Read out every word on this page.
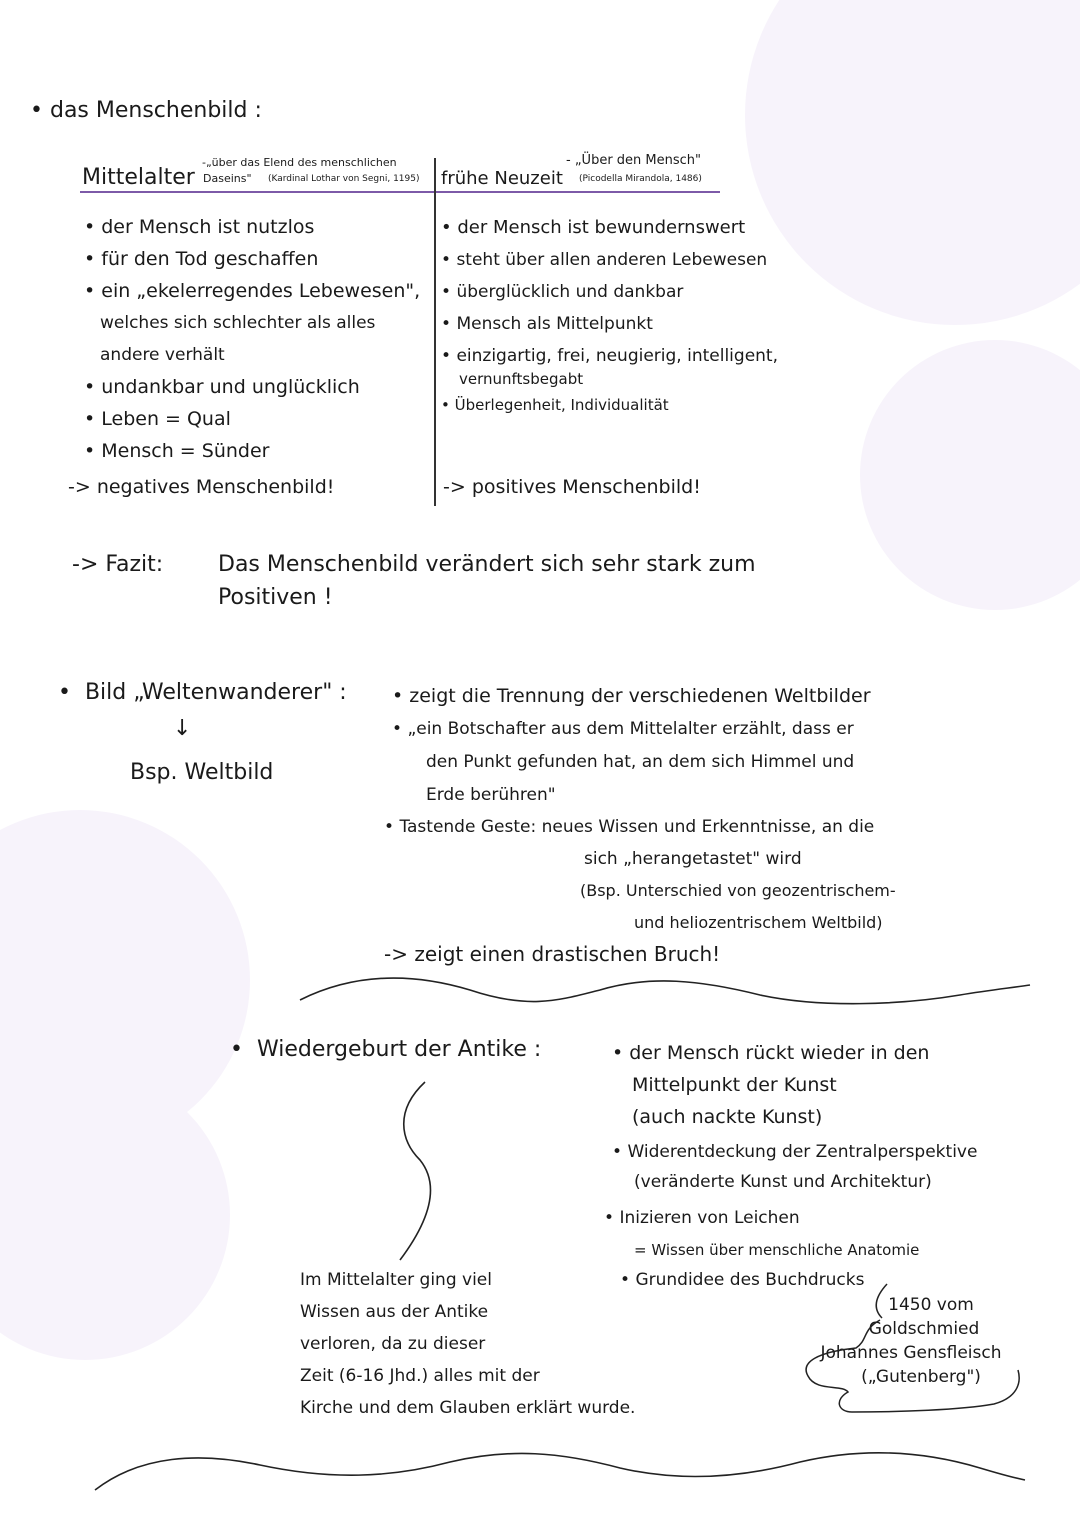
• das Menschenbild :
Mittelalter
-„über das Elend des menschlichen
Daseins" (Kardinal Lothar von Segni, 1195) frühe Neuzeit
- „Über den Mensch"
(Picodella Mirandola, 1486)
• der Mensch ist nutzlos
• für den Tod geschaffen
• ein „ekelerregendes Lebewesen",
welches sich schlechter als alles
andere verhält
• undankbar und unglücklich
• Leben = Qual
• Mensch = Sünder
-> negatives Menschenbild!
• der Mensch ist bewundernswert
• steht über allen anderen Lebewesen
• überglücklich und dankbar
• Mensch als Mittelpunkt
• einzigartig, frei, neugierig, intelligent,
vernunftsbegabt
• Überlegenheit, Individualität
-> positives Menschenbild!
-> Fazit: Das Menschenbild verändert sich sehr stark zum
Positiven !
•  Bild „Weltenwanderer" :
↓
Bsp. Weltbild
• zeigt die Trennung der verschiedenen Weltbilder
• „ein Botschafter aus dem Mittelalter erzählt, dass er
den Punkt gefunden hat, an dem sich Himmel und
Erde berühren"
• Tastende Geste: neues Wissen und Erkenntnisse, an die
sich „herangetastet" wird
(Bsp. Unterschied von geozentrischem-
und heliozentrischem Weltbild)
-> zeigt einen drastischen Bruch!
•  Wiedergeburt der Antike :	• der Mensch rückt wieder in den
Mittelpunkt der Kunst
(auch nackte Kunst)
• Widerentdeckung der Zentralperspektive
(veränderte Kunst und Architektur)
• Inizieren von Leichen
= Wissen über menschliche Anatomie
• Grundidee des Buchdrucks
1450 vom
Goldschmied
Johannes Gensfleisch
(„Gutenberg")
Im Mittelalter ging viel
Wissen aus der Antike
verloren, da zu dieser
Zeit (6-16 Jhd.) alles mit der
Kirche und dem Glauben erklärt wurde.
